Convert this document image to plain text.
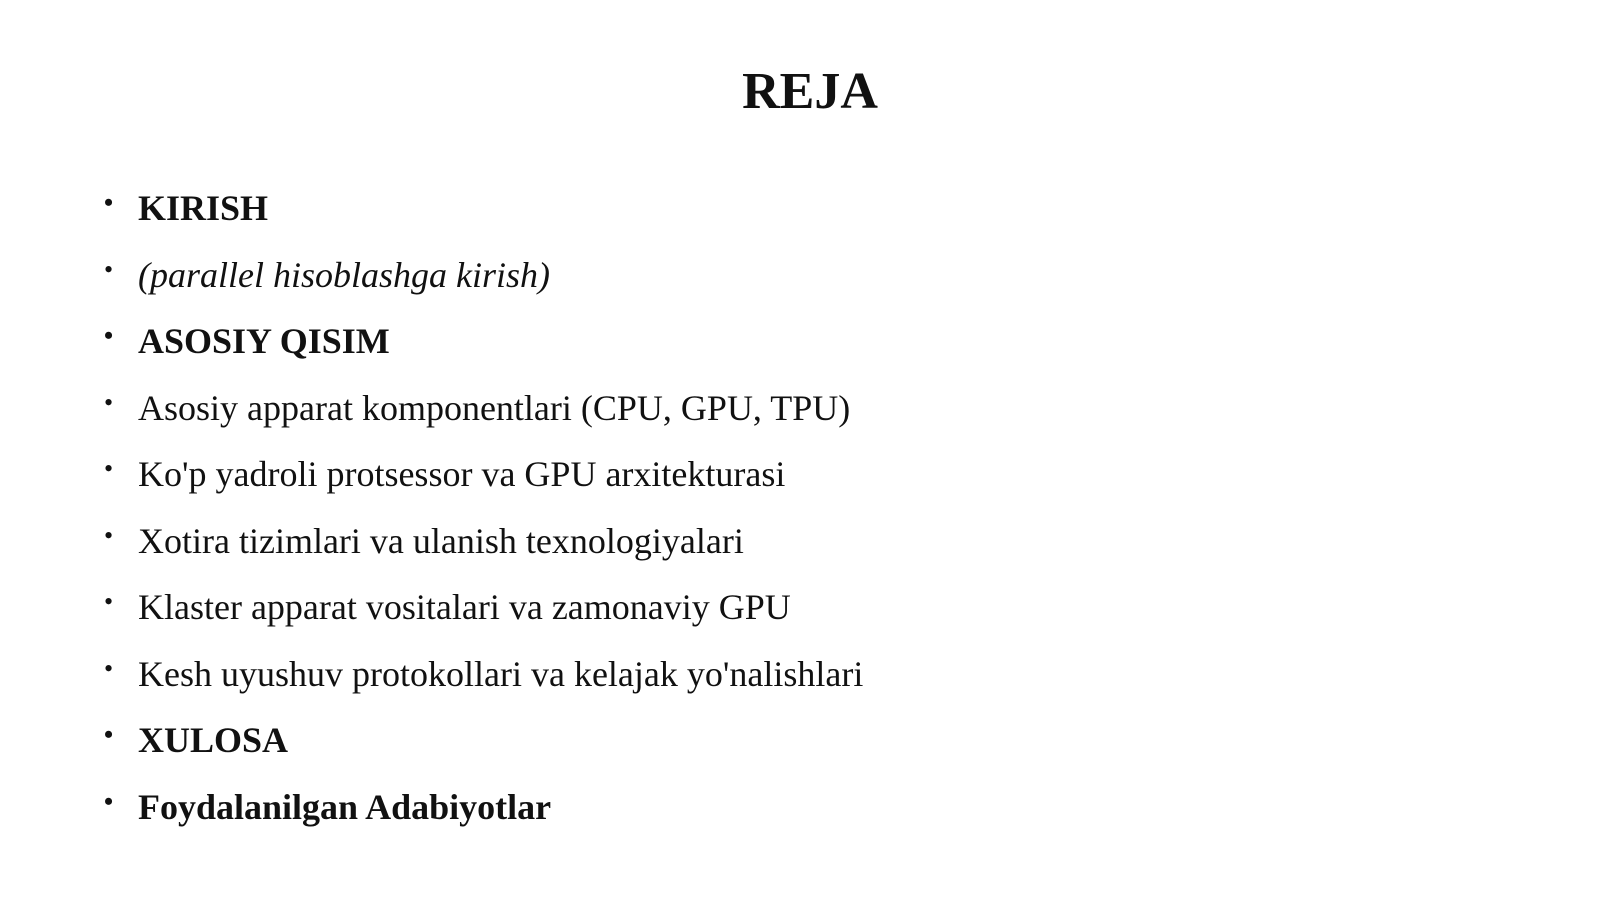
REJA
• KIRISH
• (parallel hisoblashga kirish)
• ASOSIY QISIM
• Asosiy apparat komponentlari (CPU, GPU, TPU)
• Ko'p yadroli protsessor va GPU arxitekturasi
• Xotira tizimlari va ulanish texnologiyalari
• Klaster apparat vositalari va zamonaviy GPU
• Kesh uyushuv protokollari va kelajak yo'nalishlari
• XULOSA
• Foydalanilgan Adabiyotlar
